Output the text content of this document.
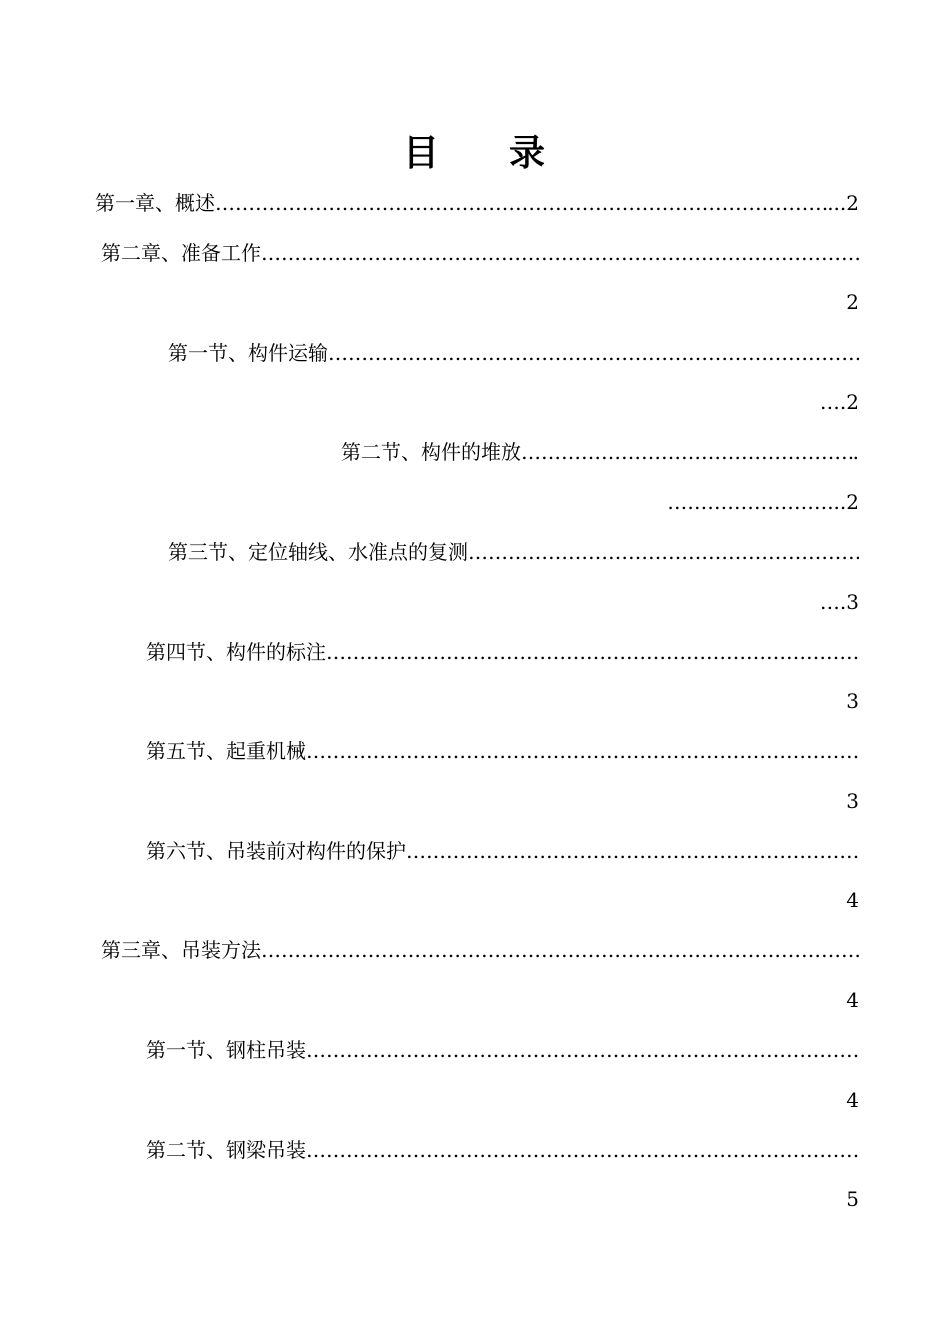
目 录
第一章、概述 …………………………………………………………………………………………………………………………………………………………………………	...2
第二章、准备工作
…………………………………………………………………………………………………………………………………………………………………………
2
第一节、构件运输
…………………………………………………………………………………………………………………………………………………………………………
….2
第二节、构件的堆放 …………………………………………………………………………………………………………………………………………………………………………	.
……………………...2
第三节、定位轴线、水准点的复测
…………………………………………………………………………………………………………………………………………………………………………
….3
第四节、构件的标注
…………………………………………………………………………………………………………………………………………………………………………
3
第五节、起重机械
…………………………………………………………………………………………………………………………………………………………………………
3
第六节、吊装前对构件的保护
…………………………………………………………………………………………………………………………………………………………………………
4
第三章、吊装方法
…………………………………………………………………………………………………………………………………………………………………………
4
第一节、钢柱吊装
…………………………………………………………………………………………………………………………………………………………………………
4
第二节、钢梁吊装
…………………………………………………………………………………………………………………………………………………………………………
5
